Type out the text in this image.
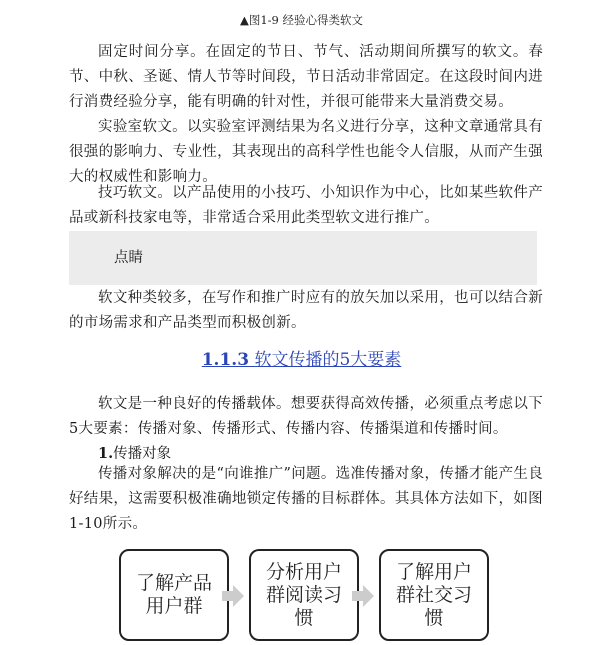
▲图1-9 经验心得类软文

固定时间分享。在固定的节日、节气、活动期间所撰写的软文。春节、中秋、圣诞、情人节等时间段，节日活动非常固定。在这段时间内进行消费经验分享，能有明确的针对性，并很可能带来大量消费交易。

实验室软文。以实验室评测结果为名义进行分享，这种文章通常具有很强的影响力、专业性，其表现出的高科学性也能令人信服，从而产生强大的权威性和影响力。

技巧软文。以产品使用的小技巧、小知识作为中心，比如某些软件产品或新科技家电等，非常适合采用此类型软文进行推广。

点睛

软文种类较多，在写作和推广时应有的放矢加以采用，也可以结合新的市场需求和产品类型而积极创新。

1.1.3 软文传播的5大要素

软文是一种良好的传播载体。想要获得高效传播，必须重点考虑以下5大要素：传播对象、传播形式、传播内容、传播渠道和传播时间。

1.传播对象

传播对象解决的是“向谁推广”问题。选准传播对象，传播才能产生良好结果，这需要积极准确地锁定传播的目标群体。其具体方法如下，如图1-10所示。

了解产品用户群
分析用户群阅读习惯
了解用户群社交习惯
